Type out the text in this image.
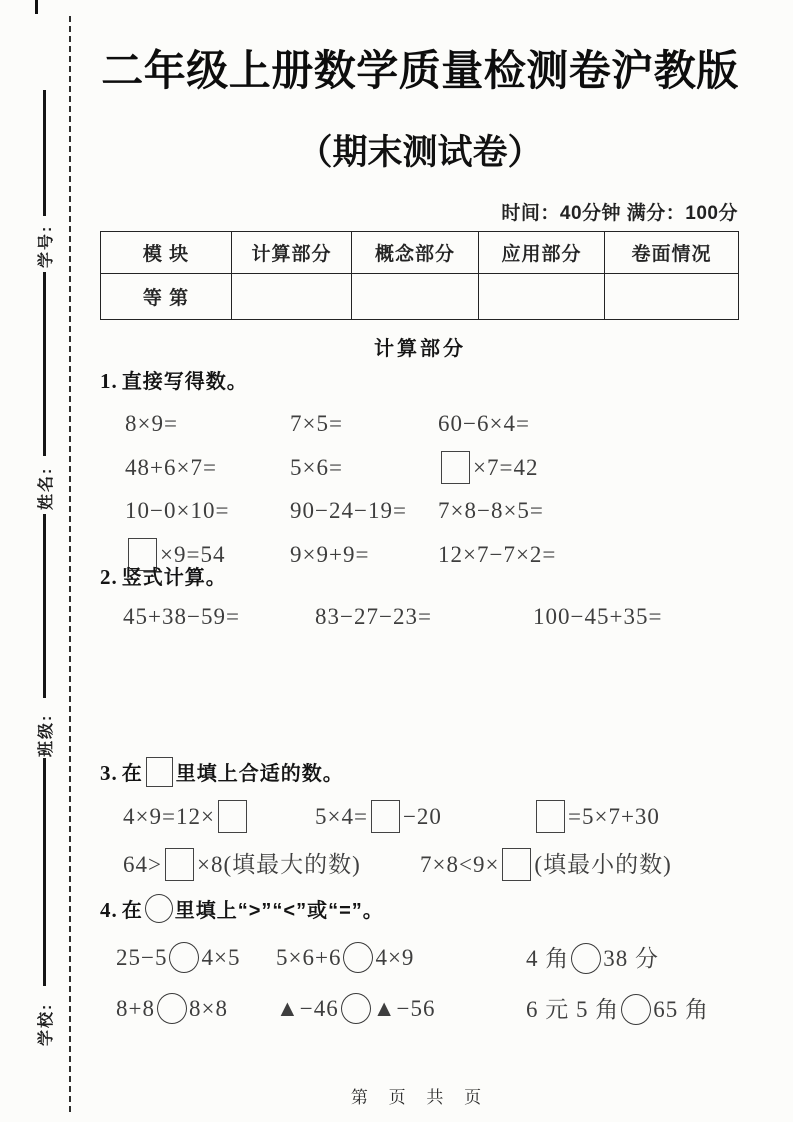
学号:
姓名:
班级:
学校:
二年级上册数学质量检测卷沪教版
（期末测试卷）
时间：40分钟 满分：100分
模 块	计算部分	概念部分	应用部分	卷面情况
等 第
计算部分
1. 直接写得数。
8×9=	7×5=	60−6×4=
48+6×7=	5×6=	×7=42
10−0×10=	90−24−19=	7×8−8×5=
×9=54	9×9+9=	12×7−7×2=
2. 竖式计算。
45+38−59=	83−27−23=	100−45+35=
3. 在 里填上合适的数。
4×9=12×	5×4= −20	=5×7+30
64> ×8(填最大的数)	7×8<9× (填最小的数)
4. 在 里填上“>”“<”或“=”。
25−5 4×5	5×6+6 4×9	4 角 38 分
8+8 8×8	▲−46 ▲−56	6 元 5 角 65 角
第 页 共 页
